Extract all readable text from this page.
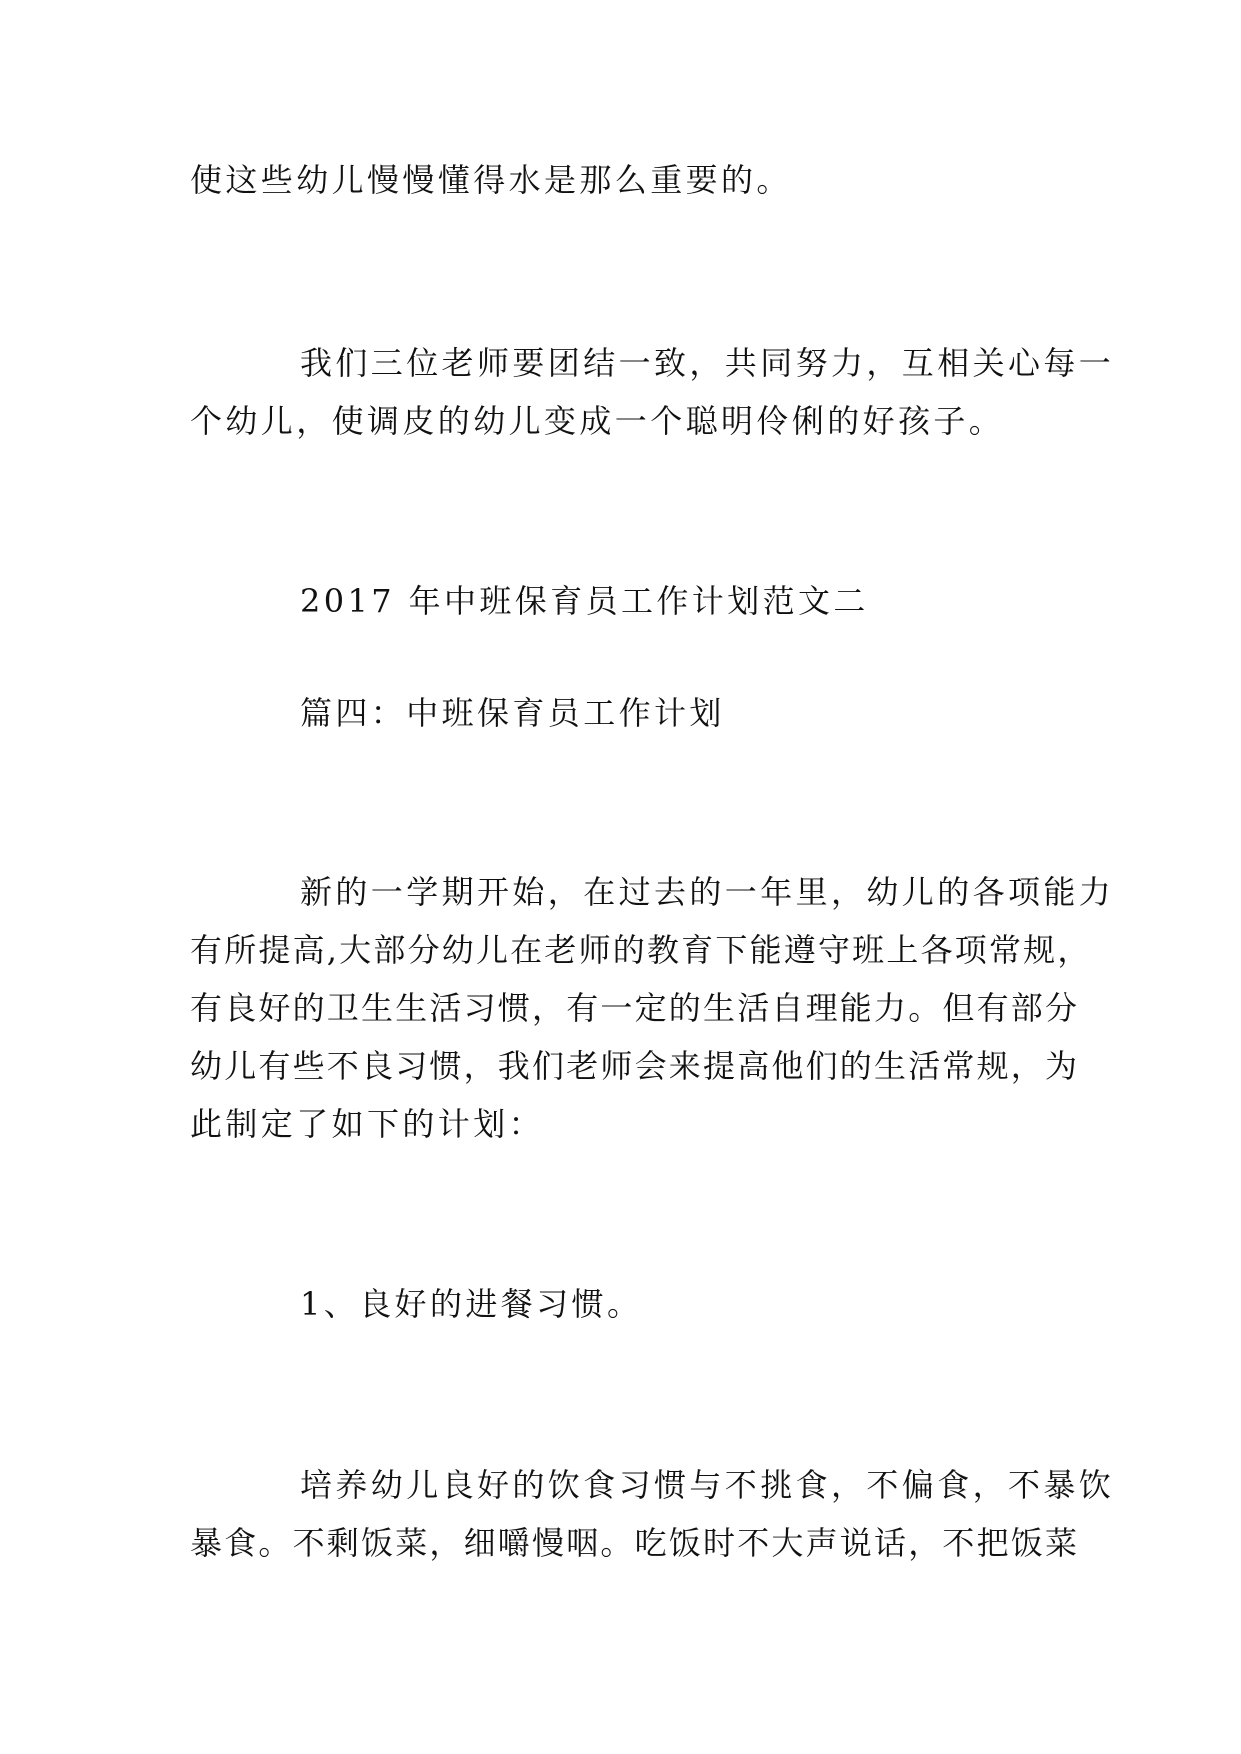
使这些幼儿慢慢懂得水是那么重要的。
我们三位老师要团结一致，共同努力，互相关心每一
个幼儿，使调皮的幼儿变成一个聪明伶俐的好孩子。
2017 年中班保育员工作计划范文二
篇四：中班保育员工作计划
新的一学期开始，在过去的一年里，幼儿的各项能力
有所提高,大部分幼儿在老师的教育下能遵守班上各项常规，
有良好的卫生生活习惯，有一定的生活自理能力。但有部分
幼儿有些不良习惯，我们老师会来提高他们的生活常规，为
此制定了如下的计划：
1、良好的进餐习惯。
培养幼儿良好的饮食习惯与不挑食，不偏食，不暴饮
暴食。不剩饭菜，细嚼慢咽。吃饭时不大声说话，不把饭菜
